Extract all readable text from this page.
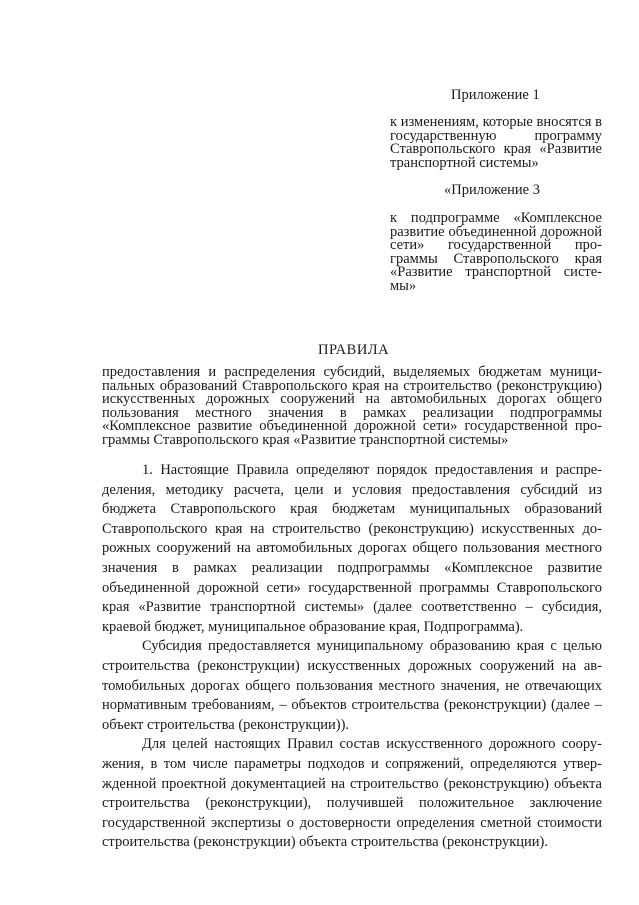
Приложение 1
к изменениям, которые вносятся в государственную программу Ставропольского края «Развитие транспортной системы»
«Приложение 3
к подпрограмме «Комплексное развитие объединенной дорожной сети» государственной программы Ставропольского края «Развитие транспортной системы»
ПРАВИЛА
предоставления и распределения субсидий, выделяемых бюджетам муниципальных образований Ставропольского края на строительство (реконструкцию) искусственных дорожных сооружений на автомобильных дорогах общего пользования местного значения в рамках реализации подпрограммы «Комплексное развитие объединенной дорожной сети» государственной программы Ставропольского края «Развитие транспортной системы»

1. Настоящие Правила определяют порядок предоставления и распределения, методику расчета, цели и условия предоставления субсидий из бюджета Ставропольского края бюджетам муниципальных образований Ставропольского края на строительство (реконструкцию) искусственных дорожных сооружений на автомобильных дорогах общего пользования местного значения в рамках реализации подпрограммы «Комплексное развитие объединенной дорожной сети» государственной программы Ставропольского края «Развитие транспортной системы» (далее соответственно – субсидия, краевой бюджет, муниципальное образование края, Подпрограмма).

Субсидия предоставляется муниципальному образованию края с целью строительства (реконструкции) искусственных дорожных сооружений на автомобильных дорогах общего пользования местного значения, не отвечающих нормативным требованиям, – объектов строительства (реконструкции) (далее – объект строительства (реконструкции)).

Для целей настоящих Правил состав искусственного дорожного сооружения, в том числе параметры подходов и сопряжений, определяются утвержденной проектной документацией на строительство (реконструкцию) объекта строительства (реконструкции), получившей положительное заключение государственной экспертизы о достоверности определения сметной стоимости строительства (реконструкции) объекта строительства (реконструкции).
